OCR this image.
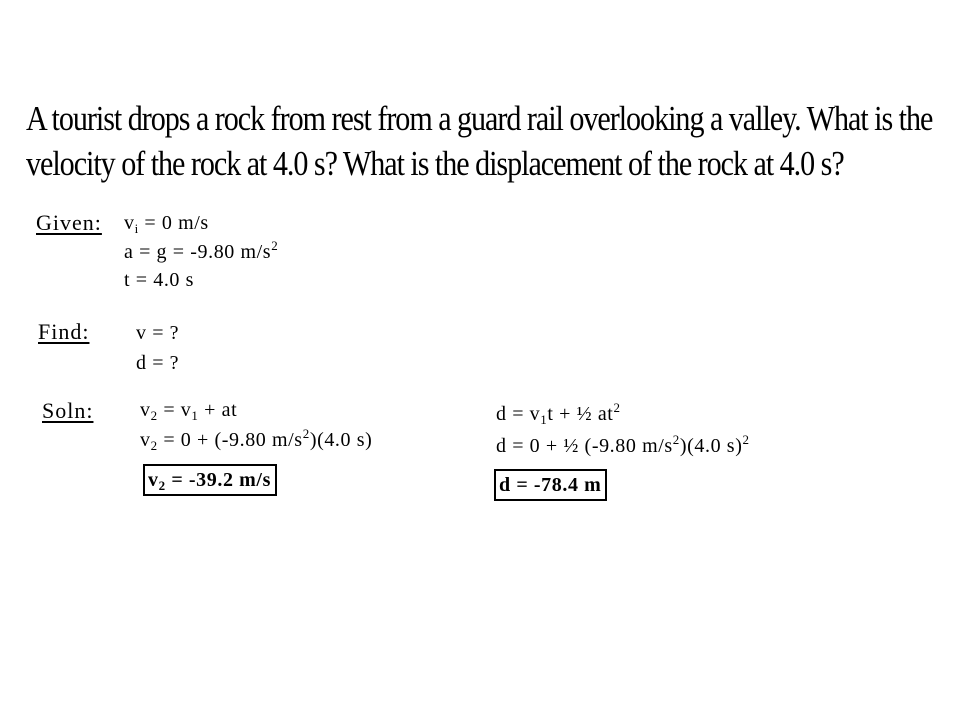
A tourist drops a rock from rest from a guard rail overlooking a valley. What is the
velocity of the rock at 4.0 s? What is the displacement of the rock at 4.0 s?
Given: $v_i = 0$ m/s
a = g = -9.80 $m/s^2$
t = 4.0 s
Find: v = ?
d = ?
Soln: $v_2 = v_1$ + at
$v_2 = 0 + (-9.80$ $m/s^2)(4.0$ s)
$v_2 = -39.2$ m/s
$d = v_1t$ + ½ $at^2$
d = 0 + ½ (-9.80 $m/s^2)(4.0$ s)$^2$
d = -78.4 m
